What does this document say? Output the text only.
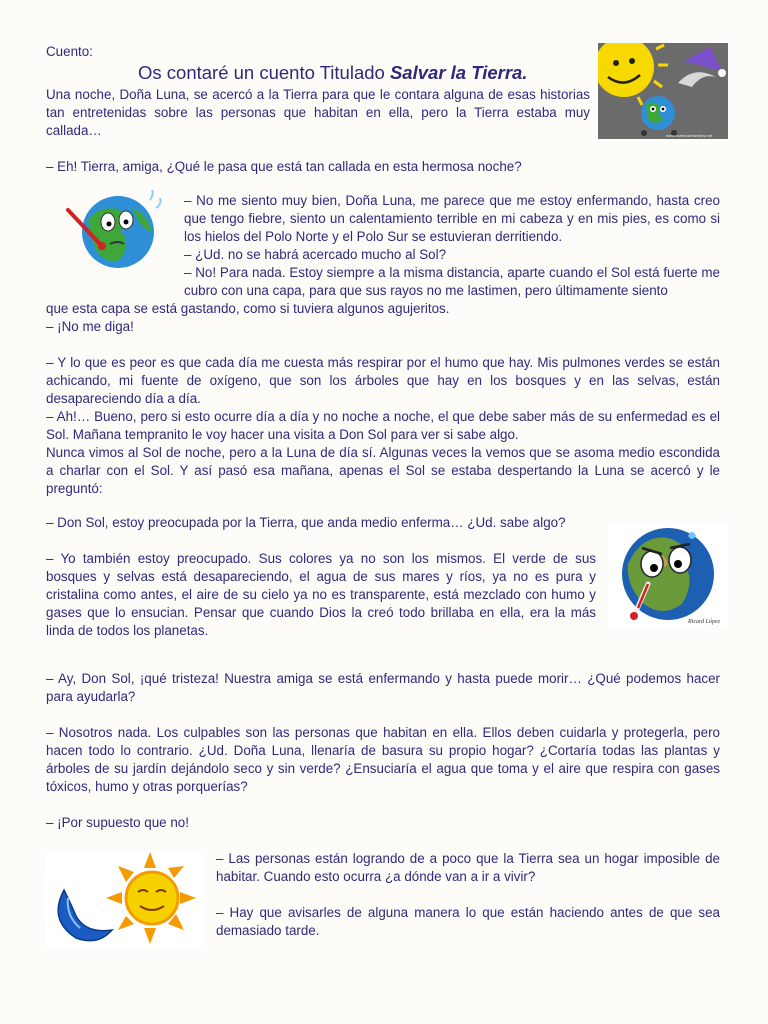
Cuento:
Os contaré un cuento Titulado Salvar la Tierra.
www.cuentosinfantiles.net

Una noche, Doña Luna, se acercó a la Tierra para que le contara alguna de esas historias tan entretenidas sobre las personas que habitan en ella, pero la Tierra estaba muy callada…

– Eh! Tierra, amiga, ¿Qué le pasa que está tan callada en esta hermosa noche?

– No me siento muy bien, Doña Luna, me parece que me estoy enfermando, hasta creo que tengo fiebre, siento un calentamiento terrible en mi cabeza y en mis pies, es como si los hielos del Polo Norte y el Polo Sur se estuvieran derritiendo.

– ¿Ud. no se habrá acercado mucho al Sol?

– No! Para nada. Estoy siempre a la misma distancia, aparte cuando el Sol está fuerte me cubro con una capa, para que sus rayos no me lastimen, pero últimamente siento

que esta capa se está gastando, como si tuviera algunos agujeritos.

– ¡No me diga!

– Y lo que es peor es que cada día me cuesta más respirar por el humo que hay. Mis pulmones verdes se están achicando, mi fuente de oxígeno, que son los árboles que hay en los bosques y en las selvas, están desapareciendo día a día.

– Ah!… Bueno, pero si esto ocurre día a día y no noche a noche, el que debe saber más de su enfermedad es el Sol. Mañana tempranito le voy hacer una visita a Don Sol para ver si sabe algo.

Nunca vimos al Sol de noche, pero a la Luna de día sí. Algunas veces la vemos que se asoma medio escondida a charlar con el Sol. Y así pasó esa mañana, apenas el Sol se estaba despertando la Luna se acercó y le preguntó:

– Don Sol, estoy preocupada por la Tierra, que anda medio enferma… ¿Ud. sabe algo?

Ricard López

– Yo también estoy preocupado. Sus colores ya no son los mismos. El verde de sus bosques y selvas está desapareciendo, el agua de sus mares y ríos, ya no es pura y cristalina como antes, el aire de su cielo ya no es transparente, está mezclado con humo y gases que lo ensucian. Pensar que cuando Dios la creó todo brillaba en ella, era la más linda de todos los planetas.

– Ay, Don Sol, ¡qué tristeza! Nuestra amiga se está enfermando y hasta puede morir… ¿Qué podemos hacer para ayudarla?

– Nosotros nada. Los culpables son las personas que habitan en ella. Ellos deben cuidarla y protegerla, pero hacen todo lo contrario. ¿Ud. Doña Luna, llenaría de basura su propio hogar? ¿Cortaría todas las plantas y árboles de su jardín dejándolo seco y sin verde? ¿Ensuciaría el agua que toma y el aire que respira con gases tóxicos, humo y otras porquerías?

– ¡Por supuesto que no!

– Las personas están logrando de a poco que la Tierra sea un hogar imposible de habitar. Cuando esto ocurra ¿a dónde van a ir a vivir?

– Hay que avisarles de alguna manera lo que están haciendo antes de que sea demasiado tarde.
